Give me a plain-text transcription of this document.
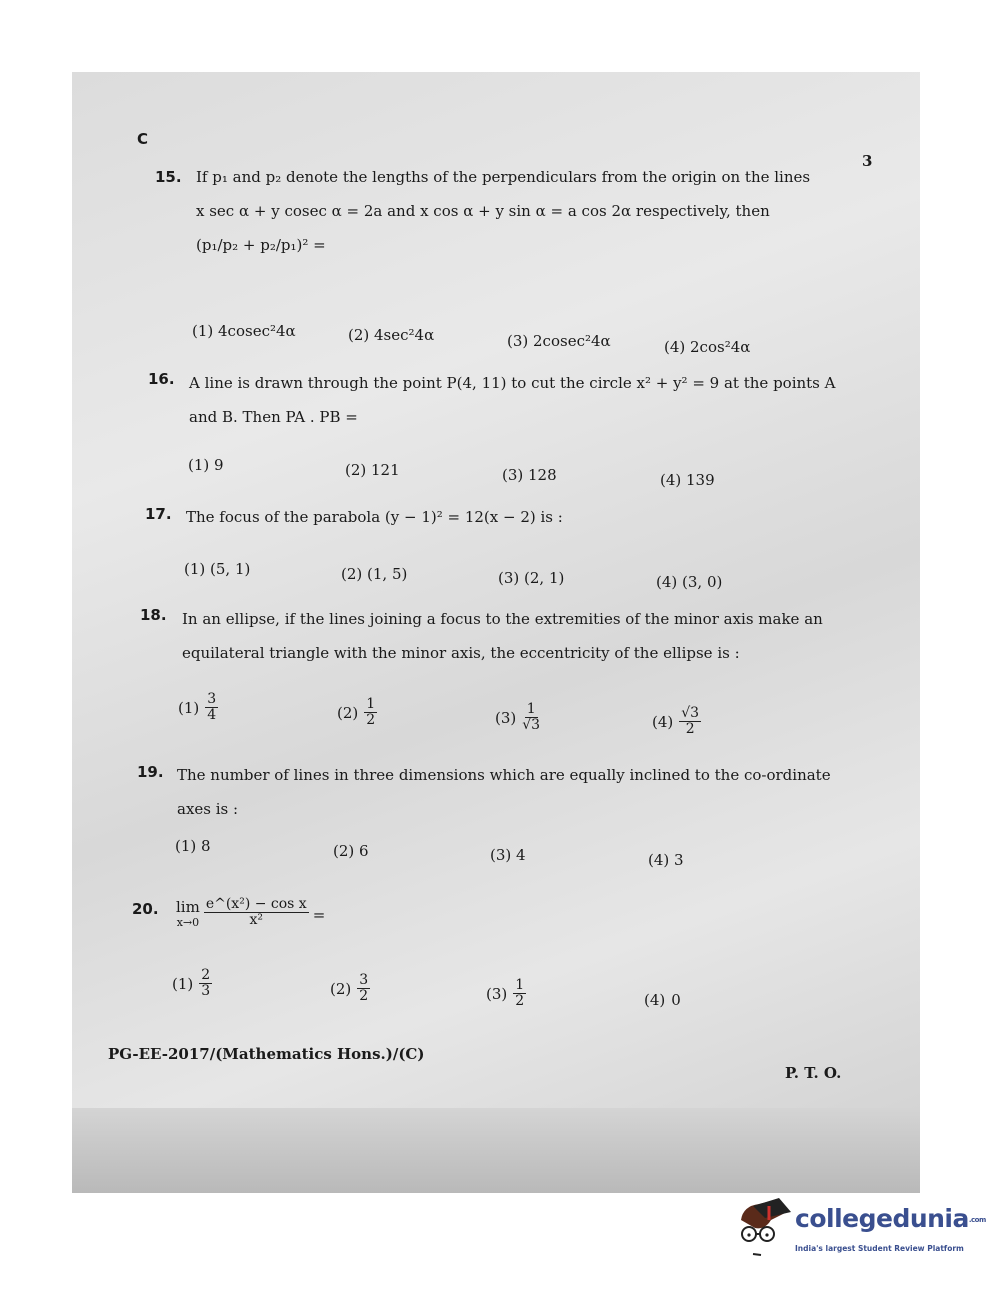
C
3
15. If p₁ and p₂ denote the lengths of the perpendiculars from the origin on the lines
x sec α + y cosec α = 2a and x cos α + y sin α = a cos 2α respectively, then
(p₁/p₂ + p₂/p₁)² =
(1) 4cosec²4α	(2) 4sec²4α	(3) 2cosec²4α	(4) 2cos²4α
16. A line is drawn through the point P(4, 11) to cut the circle x² + y² = 9 at the points A
and B. Then PA . PB =
(1) 9	(2) 121	(3) 128	(4) 139
17. The focus of the parabola (y − 1)² = 12(x − 2) is :
(1) (5, 1)	(2) (1, 5)	(3) (2, 1)	(4) (3, 0)
18. In an ellipse, if the lines joining a focus to the extremities of the minor axis make an
equilateral triangle with the minor axis, the eccentricity of the ellipse is :
$(1) \frac{3}{4}$	$(2) \frac{1}{2}$	$(3) \frac{1}{√3}$	$(4) \frac{√3}{2}$
19. The number of lines in three dimensions which are equally inclined to the co-ordinate
axes is :
(1) 8	(2) 6	(3) 4	(4) 3
20. lim
$x\to 0 \frac{\text{e\textasciicircum{}(x²) − cos x}}{\text{x²}}$ =
$(1) \frac{2}{3}$	$(2) \frac{3}{2}$	$(3) \frac{1}{2}$	(4) 0
PG-EE-2017/(Mathematics Hons.)/(C)
P. T. O.
collegedunia.com
India's largest Student Review Platform
